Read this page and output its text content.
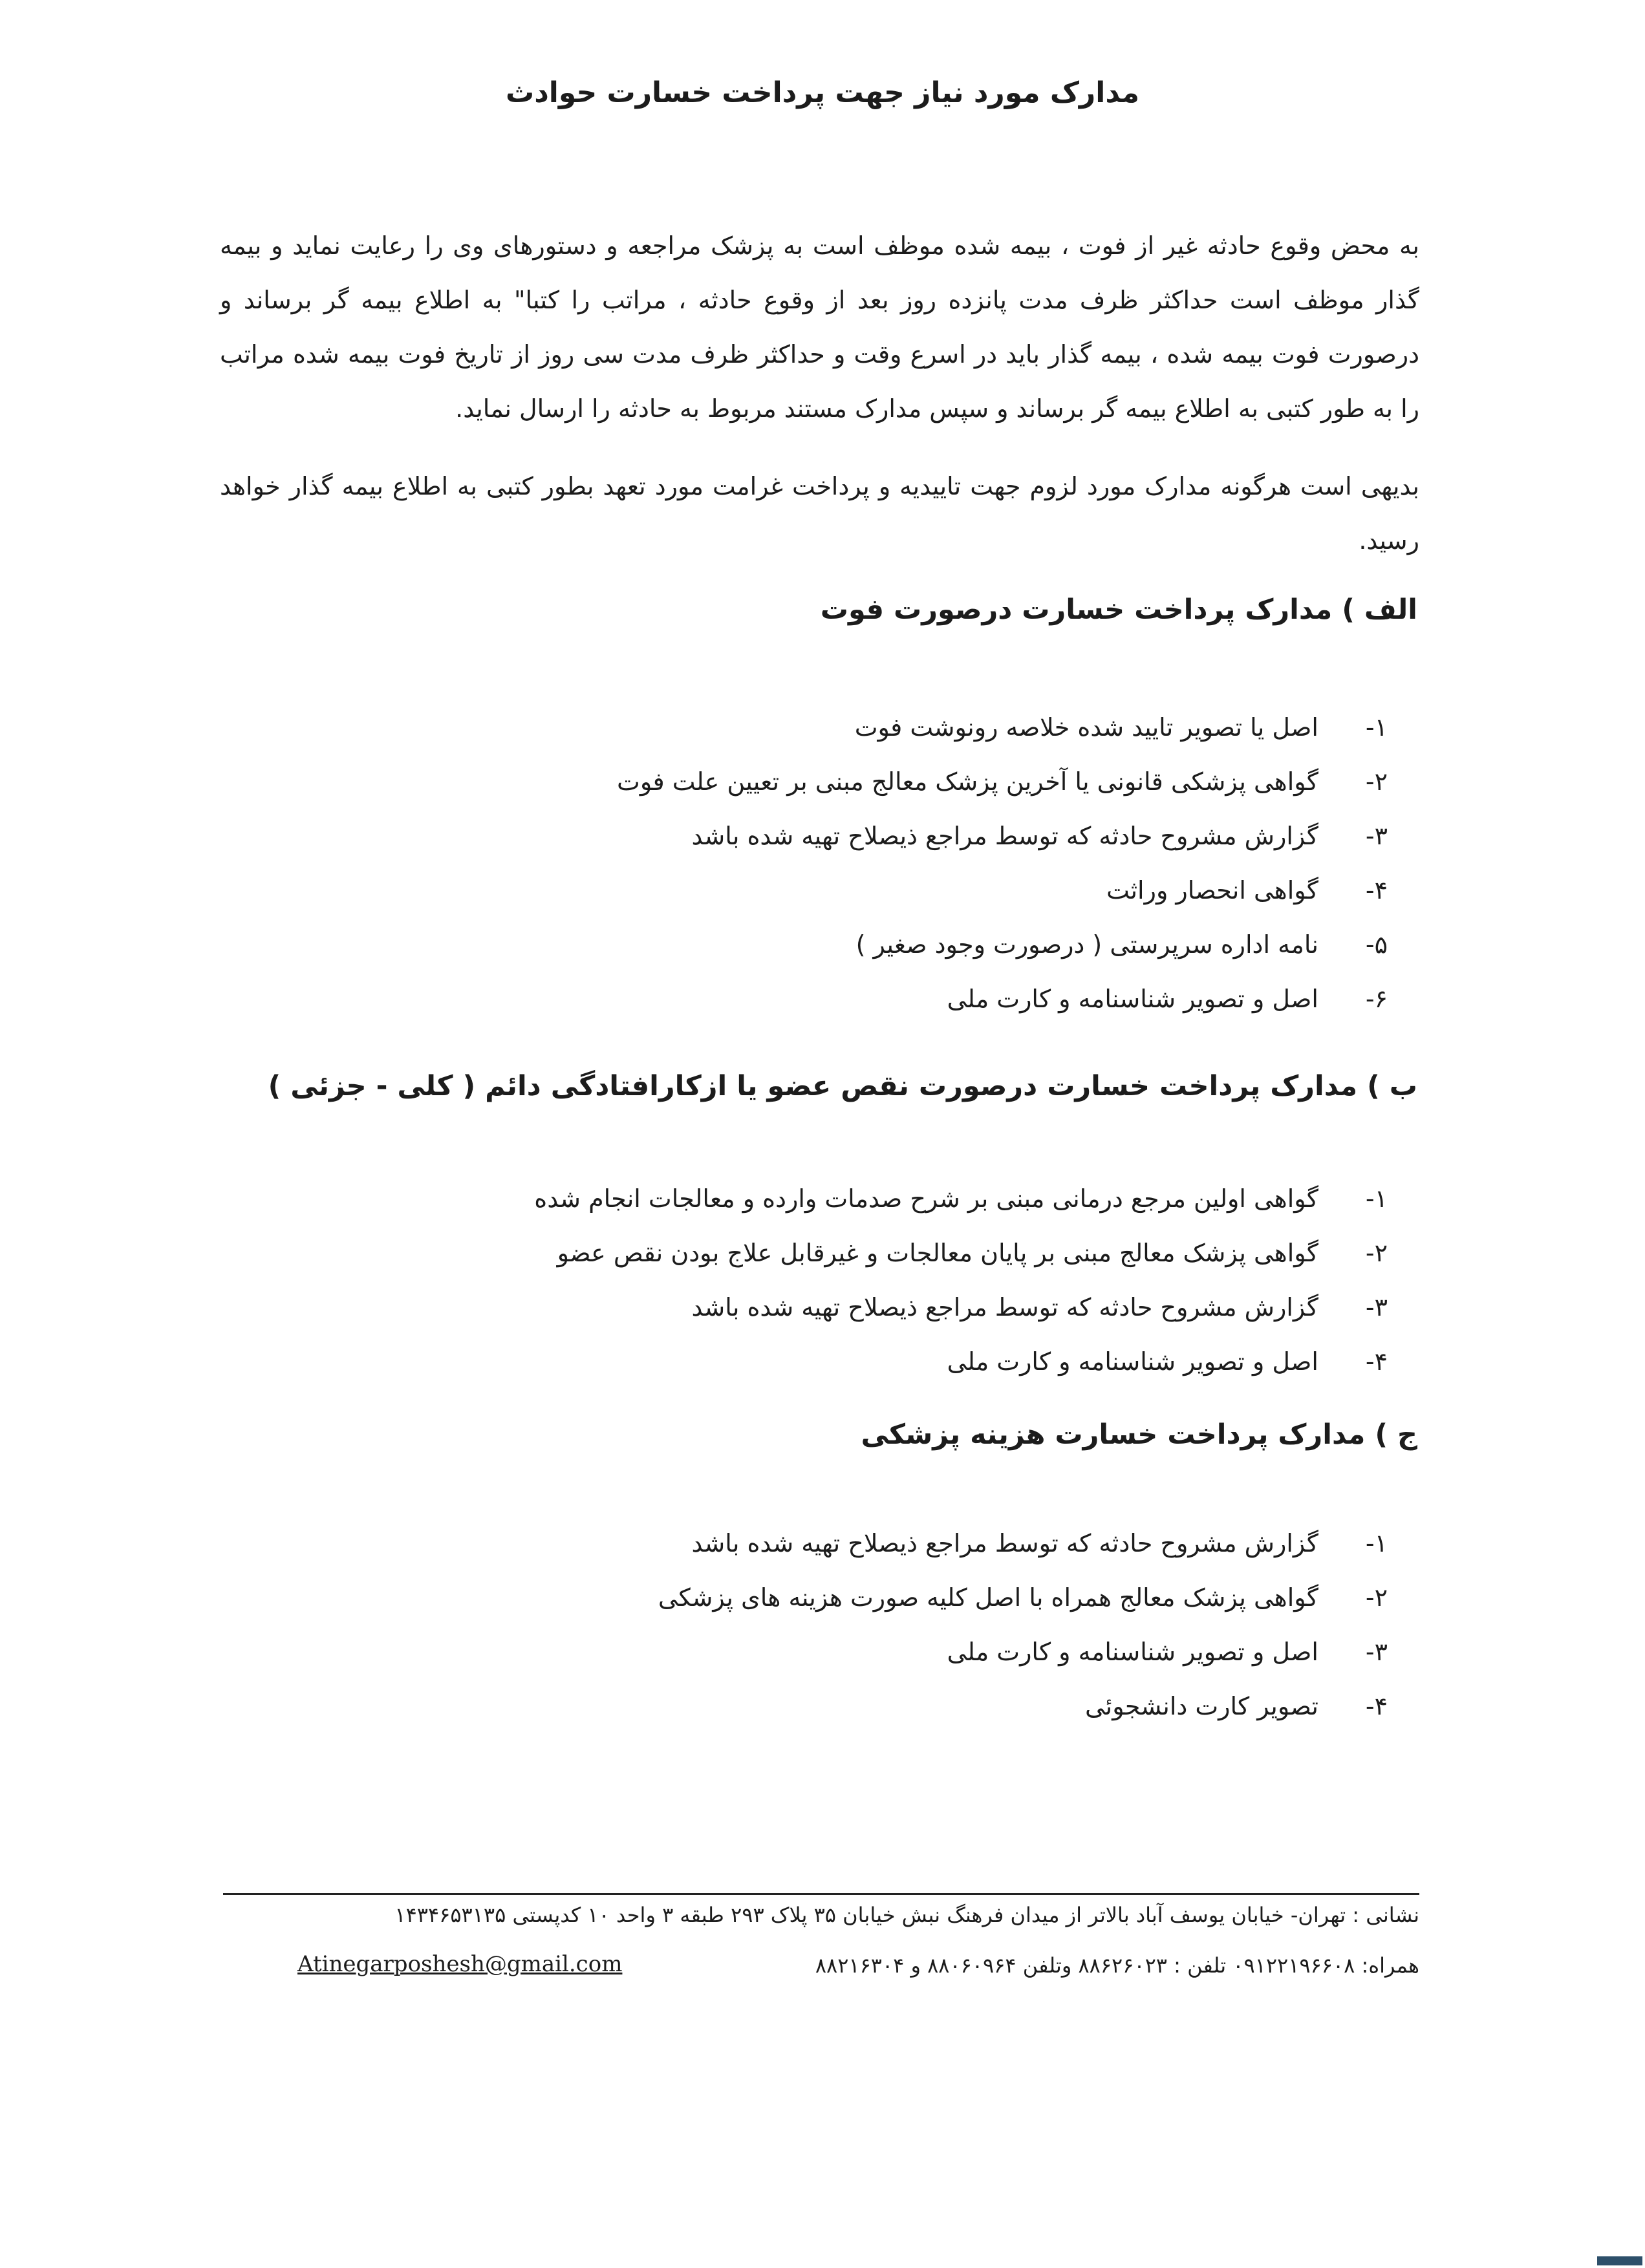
مدارک مورد نیاز جهت پرداخت خسارت حوادث

به محض وقوع حادثه غیر از فوت ، بیمه شده موظف است به پزشک مراجعه و دستورهای وی را رعایت نماید و بیمه گذار موظف است حداکثر ظرف مدت پانزده روز بعد از وقوع حادثه ، مراتب را کتبا" به اطلاع بیمه گر برساند و درصورت فوت بیمه شده ، بیمه گذار باید در اسرع وقت و حداکثر ظرف مدت سی روز از تاریخ فوت بیمه شده مراتب را به طور کتبی به اطلاع بیمه گر برساند و سپس مدارک مستند مربوط به حادثه را ارسال نماید.

بدیهی است هرگونه مدارک مورد لزوم جهت تاییدیه و پرداخت غرامت مورد تعهد بطور کتبی به اطلاع بیمه گذار خواهد رسید.

الف ) مدارک پرداخت خسارت درصورت فوت
۱-
اصل یا تصویر تایید شده خلاصه رونوشت فوت
۲-
گواهی پزشکی قانونی یا آخرین پزشک معالج مبنی بر تعیین علت فوت
۳-
گزارش مشروح حادثه که توسط مراجع ذیصلاح تهیه شده باشد
۴-
گواهی انحصار وراثت
۵-
نامه اداره سرپرستی ( درصورت وجود صغیر )
۶-
اصل و تصویر شناسنامه و کارت ملی
ب ) مدارک پرداخت خسارت درصورت نقص عضو یا ازکارافتادگی دائم ( کلی - جزئی )
۱-
گواهی اولین مرجع درمانی مبنی بر شرح صدمات وارده و معالجات انجام شده
۲-
گواهی پزشک معالج مبنی بر پایان معالجات و غیرقابل علاج بودن نقص عضو
۳-
گزارش مشروح حادثه که توسط مراجع ذیصلاح تهیه شده باشد
۴-
اصل و تصویر شناسنامه و کارت ملی
ج ) مدارک پرداخت خسارت هزینه پزشکی
۱-
گزارش مشروح حادثه که توسط مراجع ذیصلاح تهیه شده باشد
۲-
گواهی پزشک معالج همراه با اصل کلیه صورت هزینه های پزشکی
۳-
اصل و تصویر شناسنامه و کارت ملی
۴-
تصویر کارت دانشجوئی

نشانی : تهران- خیابان یوسف آباد بالاتر از میدان فرهنگ نبش خیابان ۳۵ پلاک ۲۹۳ طبقه ۳ واحد ۱۰ کدپستی ۱۴۳۴۶۵۳۱۳۵

همراه: ۰۹۱۲۲۱۹۶۶۰۸ تلفن : ۸۸۶۲۶۰۲۳ وتلفن ۸۸۰۶۰۹۶۴ و ۸۸۲۱۶۳۰۴

Atinegarposhesh@gmail.com
